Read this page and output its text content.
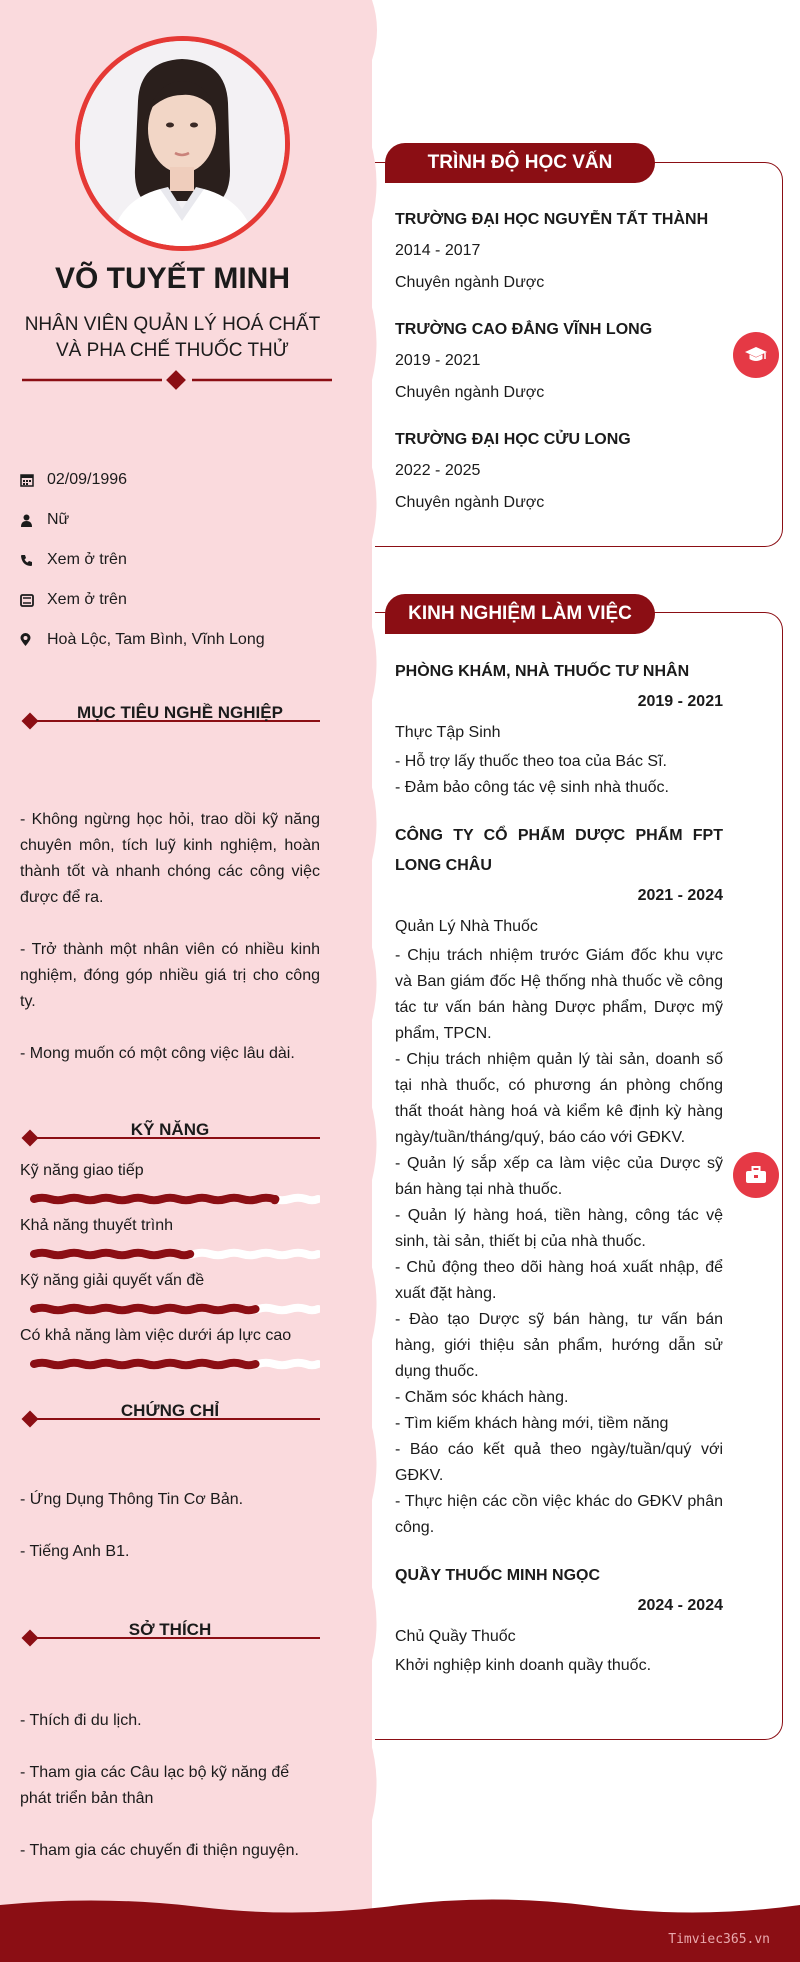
VÕ TUYẾT MINH
NHÂN VIÊN QUẢN LÝ HOÁ CHẤT
VÀ PHA CHẾ THUỐC THỬ
02/09/1996
Nữ
Xem ở trên
Xem ở trên
Hoà Lộc, Tam Bình, Vĩnh Long
MỤC TIÊU NGHỀ NGHIỆP
- Không ngừng học hỏi, trao dồi kỹ năng chuyên môn, tích luỹ kinh nghiệm, hoàn thành tốt và nhanh chóng các công việc được để ra.
- Trở thành một nhân viên có nhiều kinh nghiệm, đóng góp nhiều giá trị cho công ty.
- Mong muốn có một công việc lâu dài.
KỸ NĂNG
Kỹ năng giao tiếp
Khả năng thuyết trình
Kỹ năng giải quyết vấn đề
Có khả năng làm việc dưới áp lực cao
CHỨNG CHỈ
- Ứng Dụng Thông Tin Cơ Bản.
- Tiếng Anh B1.
SỞ THÍCH
- Thích đi du lịch.
- Tham gia các Câu lạc bộ kỹ năng để phát triển bản thân
- Tham gia các chuyến đi thiện nguyện.
TRÌNH ĐỘ HỌC VẤN
TRƯỜNG ĐẠI HỌC NGUYỄN TẤT THÀNH
2014 - 2017
Chuyên ngành Dược
TRƯỜNG CAO ĐẲNG VĨNH LONG
2019 - 2021
Chuyên ngành Dược
TRƯỜNG ĐẠI HỌC CỬU LONG
2022 - 2025
Chuyên ngành Dược
KINH NGHIỆM LÀM VIỆC
PHÒNG KHÁM, NHÀ THUỐC TƯ NHÂN
2019 - 2021
Thực Tập Sinh
- Hỗ trợ lấy thuốc theo toa của Bác Sĩ.
- Đảm bảo công tác vệ sinh nhà thuốc.
CÔNG TY CỔ PHẨM DƯỢC PHẨM FPT LONG CHÂU
2021 - 2024
Quản Lý Nhà Thuốc
- Chịu trách nhiệm trước Giám đốc khu vực và Ban giám đốc Hệ thống nhà thuốc về công tác tư vấn bán hàng Dược phẩm, Dược mỹ phẩm, TPCN.
- Chịu trách nhiệm quản lý tài sản, doanh số tại nhà thuốc, có phương án phòng chống thất thoát hàng hoá và kiểm kê định kỳ hàng ngày/tuần/tháng/quý, báo cáo với GĐKV.
- Quản lý sắp xếp ca làm việc của Dược sỹ bán hàng tại nhà thuốc.
- Quản lý hàng hoá, tiền hàng, công tác vệ sinh, tài sản, thiết bị của nhà thuốc.
- Chủ động theo dõi hàng hoá xuất nhập, để xuất đặt hàng.
- Đào tạo Dược sỹ bán hàng, tư vấn bán hàng, giới thiệu sản phẩm, hướng dẫn sử dụng thuốc.
- Chăm sóc khách hàng.
- Tìm kiếm khách hàng mới, tiềm năng
- Báo cáo kết quả theo ngày/tuần/quý với GĐKV.
- Thực hiện các cồn việc khác do GĐKV phân công.
QUẦY THUỐC MINH NGỌC
2024 - 2024
Chủ Quầy Thuốc
Khởi nghiệp kinh doanh quầy thuốc.
Timviec365.vn
